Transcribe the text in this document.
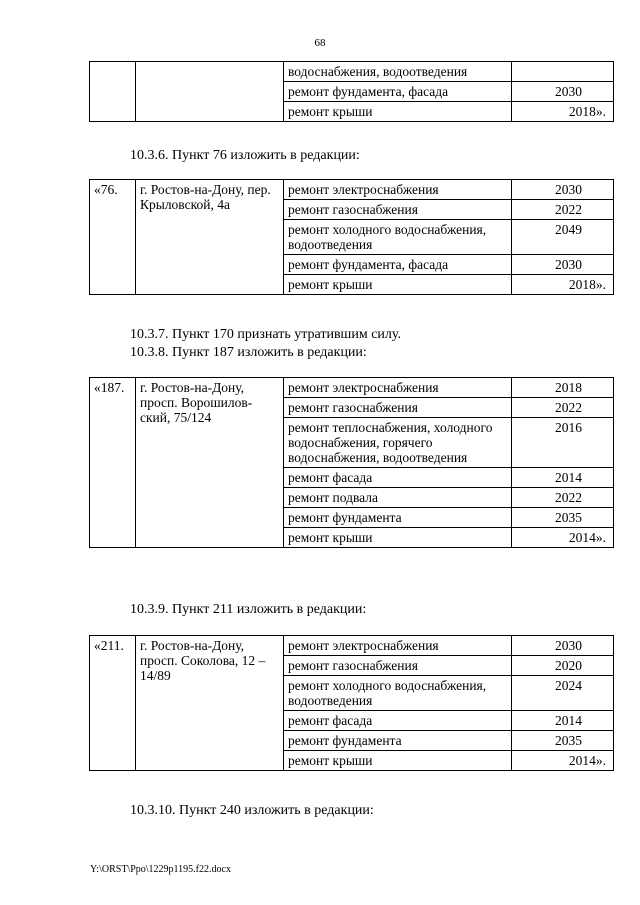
68
		водоснабжения, водоотведения	

		ремонт фундамента, фасада	2030

		ремонт крыши	2018».
10.3.6. Пункт 76 изложить в редакции:
«76.	г. Ростов-на-Дону, пер. Крыловской, 4а	ремонт электроснабжения	2030

		ремонт газоснабжения	2022

		ремонт холодного водоснабжения, водоотведения	2049

		ремонт фундамента, фасада	2030

		ремонт крыши	2018».
10.3.7. Пункт 170 признать утратившим силу.
10.3.8. Пункт 187 изложить в редакции:
«187.	г. Ростов-на-Дону, просп. Ворошилов-ский, 75/124	ремонт электроснабжения	2018

		ремонт газоснабжения	2022

		ремонт теплоснабжения, холодного водоснабжения, горячего водоснабжения, водоотведения	2016

		ремонт фасада	2014

		ремонт подвала	2022

		ремонт фундамента	2035

		ремонт крыши	2014».
10.3.9. Пункт 211 изложить в редакции:
«211.	г. Ростов-на-Дону, просп. Соколова, 12 – 14/89	ремонт электроснабжения	2030

		ремонт газоснабжения	2020

		ремонт холодного водоснабжения, водоотведения	2024

		ремонт фасада	2014

		ремонт фундамента	2035

		ремонт крыши	2014».
10.3.10. Пункт 240 изложить в редакции:
Y:\ORST\Ppo\1229p1195.f22.docx
